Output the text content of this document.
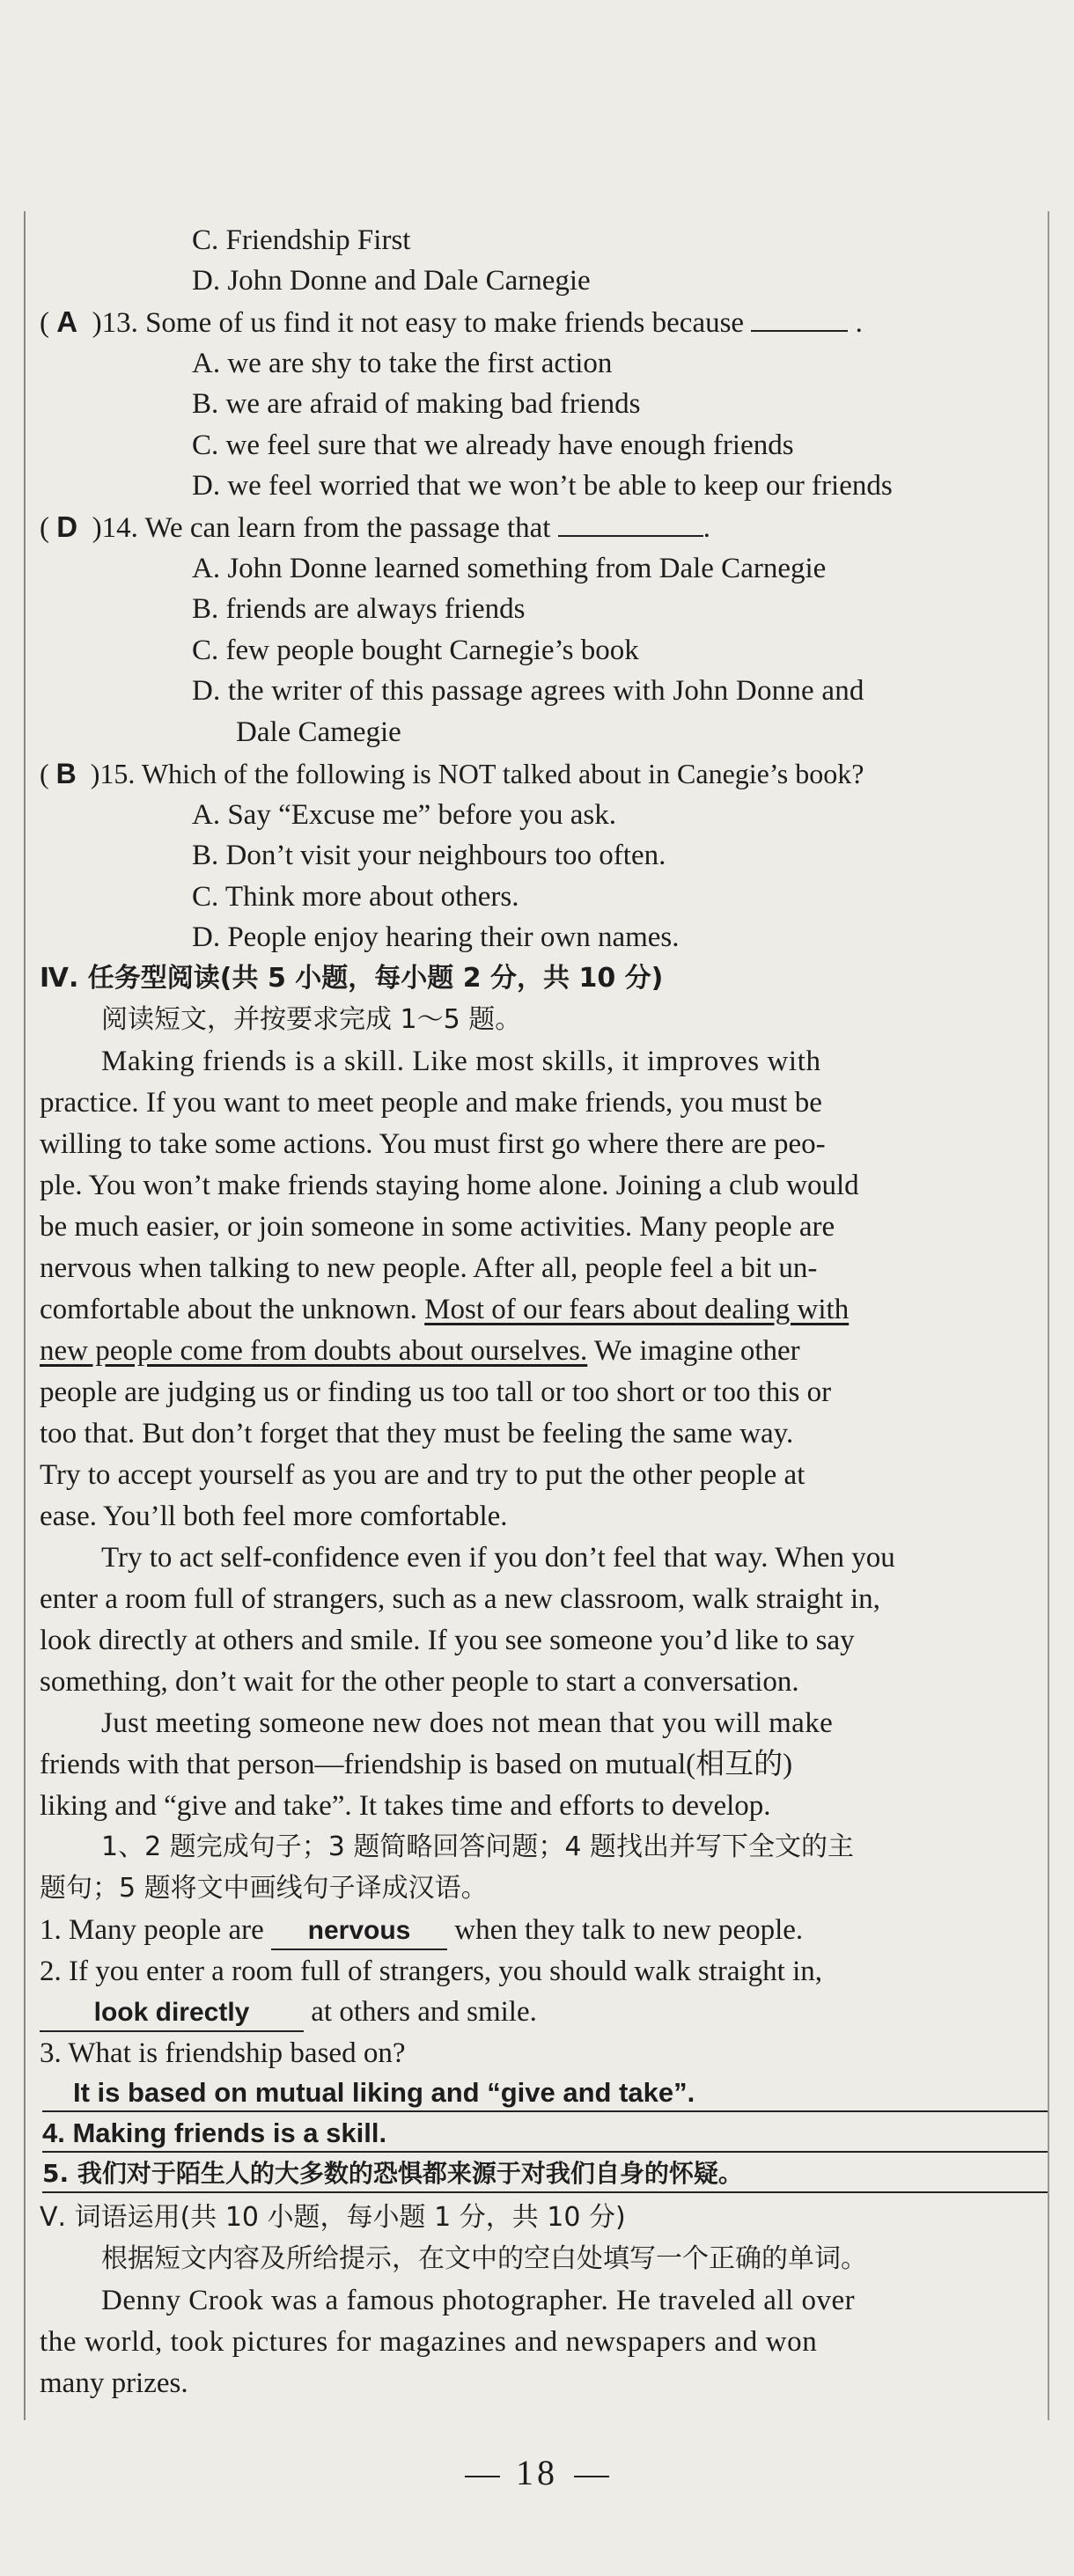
C. Friendship First
D. John Donne and Dale Carnegie
( A )13. Some of us find it not easy to make friends because	.
A. we are shy to take the first action
B. we are afraid of making bad friends
C. we feel sure that we already have enough friends
D. we feel worried that we won’t be able to keep our friends
( D )14. We can learn from the passage that	.
A. John Donne learned something from Dale Carnegie
B. friends are always friends
C. few people bought Carnegie’s book
D. the writer of this passage agrees with John Donne and
Dale Camegie
( B )15. Which of the following is NOT talked about in Canegie’s book?
A. Say “Excuse me” before you ask.
B. Don’t visit your neighbours too often.
C. Think more about others.
D. People enjoy hearing their own names.
Ⅳ. 任务型阅读(共 5 小题，每小题 2 分，共 10 分)
阅读短文，并按要求完成 1～5 题。
Making friends is a skill. Like most skills, it improves with
practice. If you want to meet people and make friends, you must be
willing to take some actions. You must first go where there are peo-
ple. You won’t make friends staying home alone. Joining a club would
be much easier, or join someone in some activities. Many people are
nervous when talking to new people. After all, people feel a bit un-
comfortable about the unknown. Most of our fears about dealing with
new people come from doubts about ourselves. We imagine other
people are judging us or finding us too tall or too short or too this or
too that. But don’t forget that they must be feeling the same way.
Try to accept yourself as you are and try to put the other people at
ease. You’ll both feel more comfortable.
Try to act self-confidence even if you don’t feel that way. When you
enter a room full of strangers, such as a new classroom, walk straight in,
look directly at others and smile. If you see someone you’d like to say
something, don’t wait for the other people to start a conversation.
Just meeting someone new does not mean that you will make
friends with that person—friendship is based on mutual(相互的)
liking and “give and take”. It takes time and efforts to develop.
1、2 题完成句子；3 题简略回答问题；4 题找出并写下全文的主
题句；5 题将文中画线句子译成汉语。
1. Many people are nervous when they talk to new people.
2. If you enter a room full of strangers, you should walk straight in,
look directly at others and smile.
3. What is friendship based on?
It is based on mutual liking and “give and take”.
4. Making friends is a skill.
5. 我们对于陌生人的大多数的恐惧都来源于对我们自身的怀疑。
Ⅴ. 词语运用(共 10 小题，每小题 1 分，共 10 分)
根据短文内容及所给提示，在文中的空白处填写一个正确的单词。
Denny Crook was a famous photographer. He traveled all over
the world, took pictures for magazines and newspapers and won
many prizes.
18
